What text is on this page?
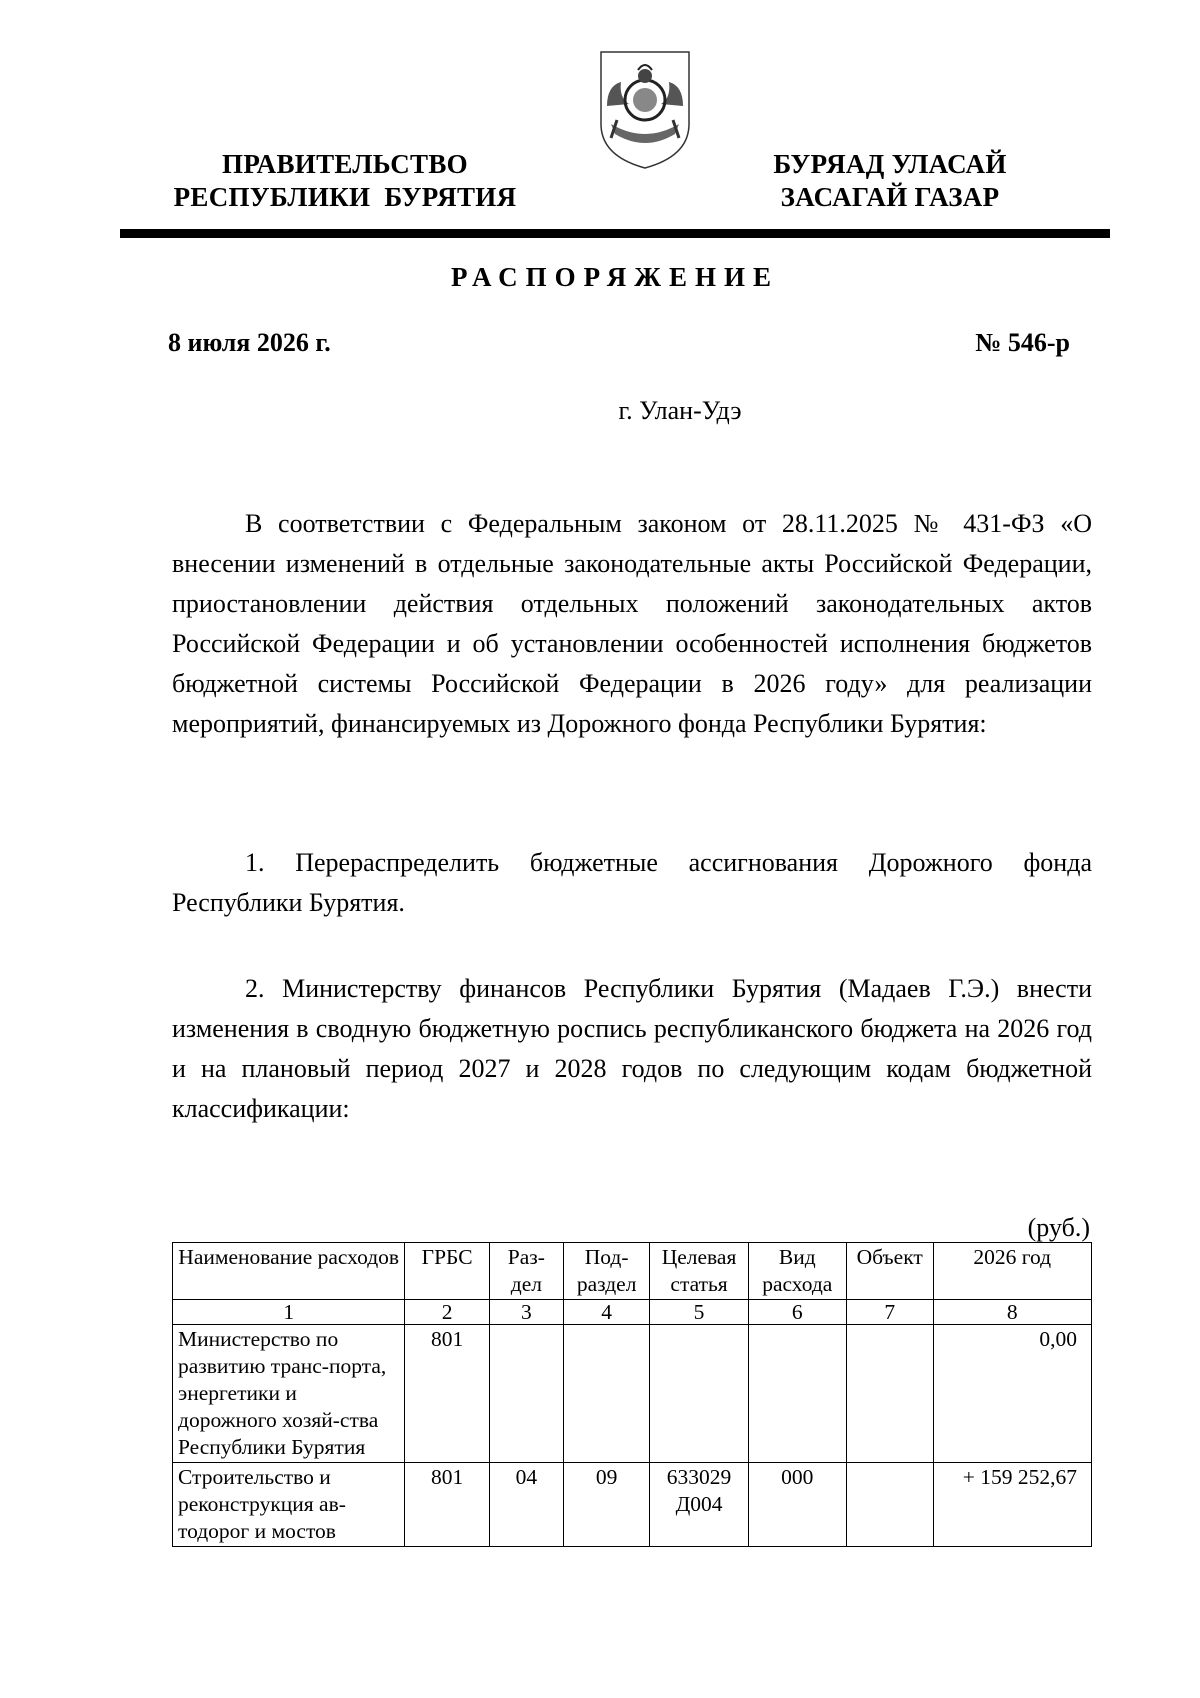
ПРАВИТЕЛЬСТВО
РЕСПУБЛИКИ  БУРЯТИЯ
БУРЯАД УЛАСАЙ
ЗАСАГАЙ ГАЗАР
РАСПОРЯЖЕНИЕ
8 июля 2026 г.	№ 546-р
г. Улан-Удэ

В соответствии с Федеральным законом от 28.11.2025 № 431-ФЗ «О внесении изменений в отдельные законодательные акты Российской Федерации, приостановлении действия отдельных положений законодательных актов Российской Федерации и об установлении особенностей исполнения бюджетов бюджетной системы Российской Федерации в 2026 году» для реализации мероприятий, финансируемых из Дорожного фонда Республики Бурятия:

1. Перераспределить бюджетные ассигнования Дорожного фонда Республики Бурятия.

2. Министерству финансов Республики Бурятия (Мадаев Г.Э.) внести изменения в сводную бюджетную роспись республиканского бюджета на 2026 год и на плановый период 2027 и 2028 годов по следующим кодам бюджетной классификации:

(руб.)
Наименование расходов	ГРБС	Раз-дел	Под-раздел	Целевая статья	Вид расхода	Объект	2026 год
1	2	3	4	5	6	7	8
Министерство по развитию транс-порта, энергетики и дорожного хозяй-ства Республики Бурятия	801						0,00
Строительство и реконструкция ав-тодорог и мостов	801	04	09	633029 Д004	000		+ 159 252,67
